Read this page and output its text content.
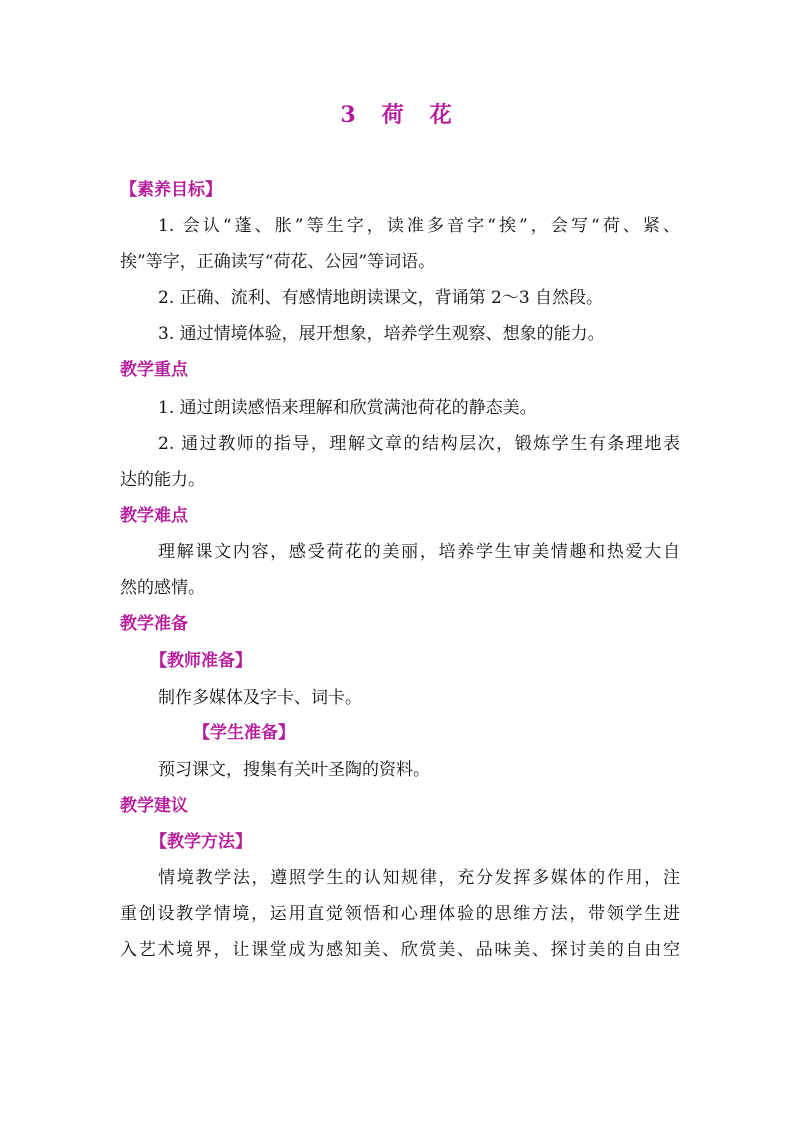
3　荷　花
【素养目标】
1. 会认“蓬、胀”等生字，读准多音字“挨”，会写“荷、紧、
挨”等字，正确读写“荷花、公园”等词语。
2. 正确、流利、有感情地朗读课文，背诵第 2～3 自然段。
3. 通过情境体验，展开想象，培养学生观察、想象的能力。
教学重点
1. 通过朗读感悟来理解和欣赏满池荷花的静态美。
2. 通过教师的指导，理解文章的结构层次，锻炼学生有条理地表
达的能力。
教学难点
理解课文内容，感受荷花的美丽，培养学生审美情趣和热爱大自
然的感情。
教学准备
【教师准备】
制作多媒体及字卡、词卡。
【学生准备】
预习课文，搜集有关叶圣陶的资料。
教学建议
【教学方法】
情境教学法，遵照学生的认知规律，充分发挥多媒体的作用，注
重创设教学情境，运用直觉领悟和心理体验的思维方法，带领学生进
入艺术境界，让课堂成为感知美、欣赏美、品味美、探讨美的自由空
